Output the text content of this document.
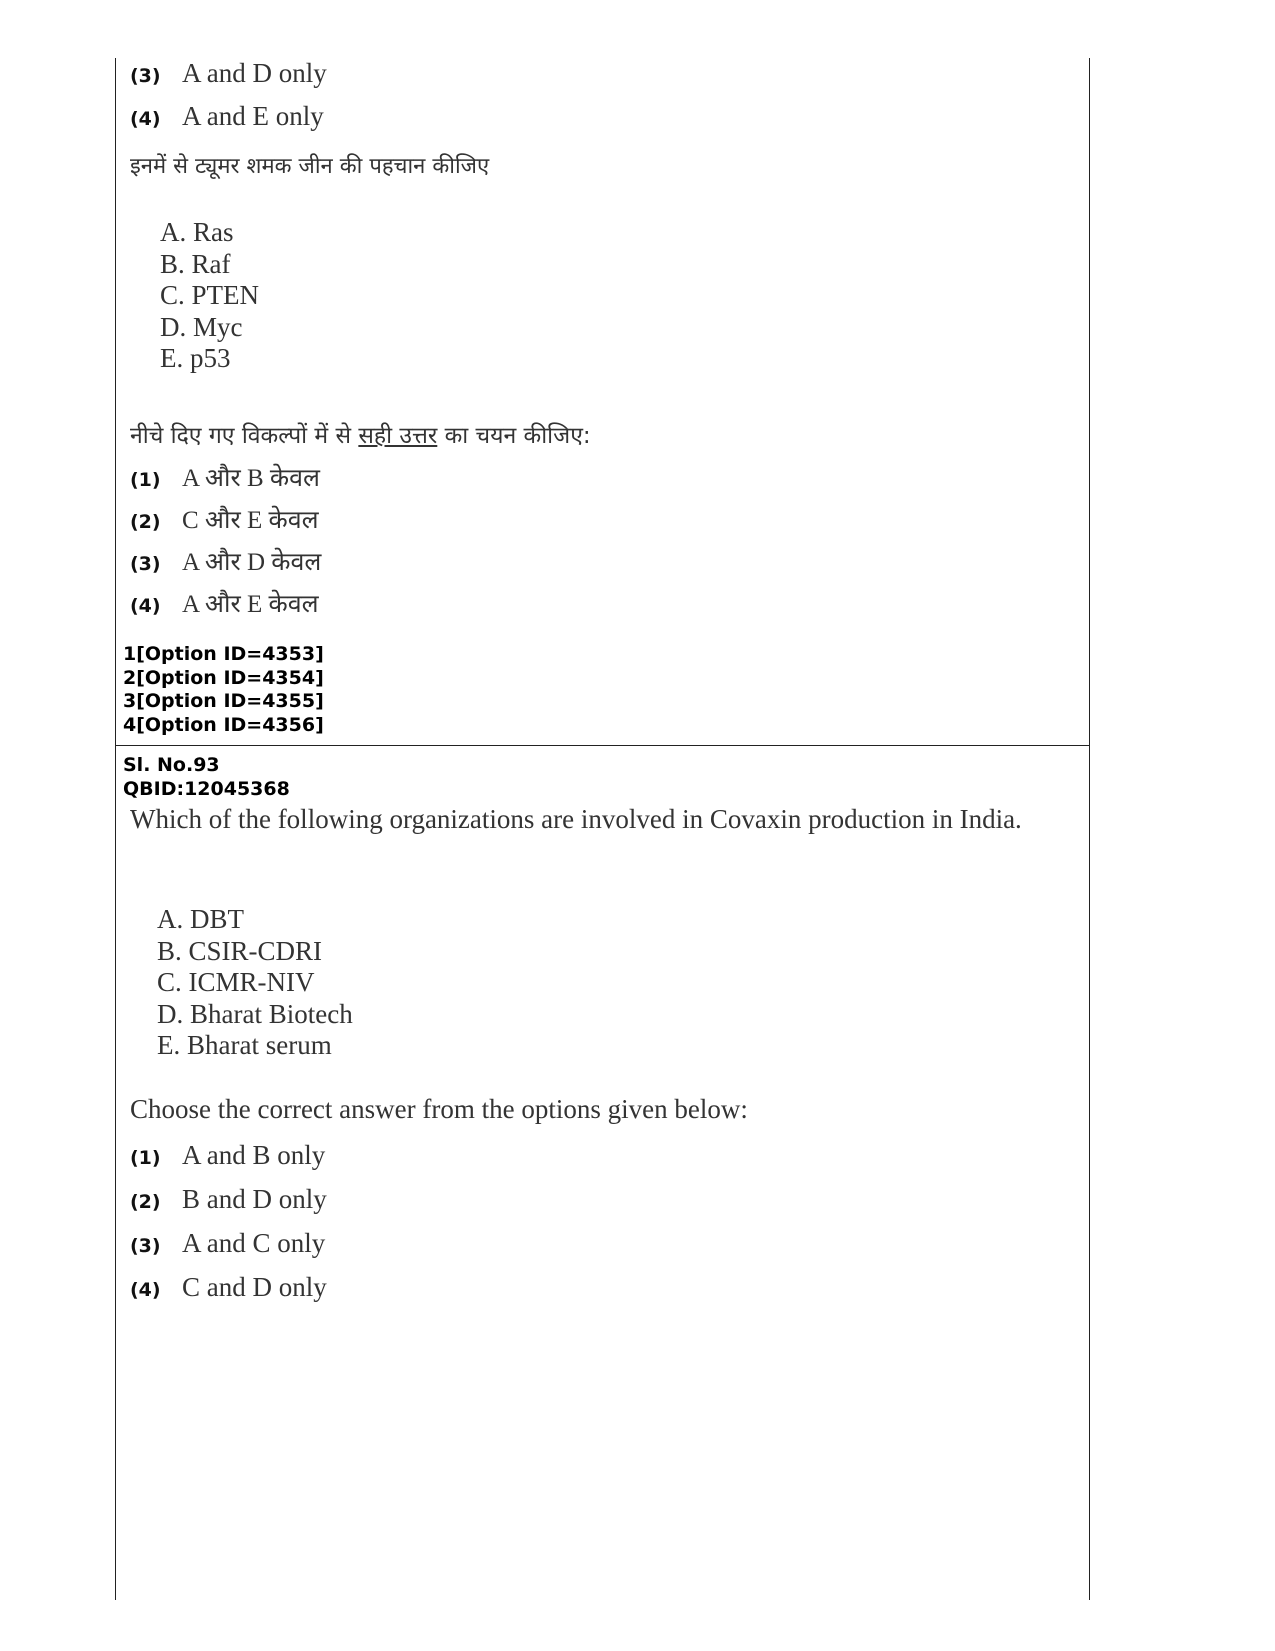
(3) A and D only
(4) A and E only
इनमें से ट्यूमर शमक जीन की पहचान कीजिए
A. Ras
B. Raf
C. PTEN
D. Myc
E. p53
नीचे दिए गए विकल्पों में से सही उत्तर का चयन कीजिए:
(1) A और B केवल
(2) C और E केवल
(3) A और D केवल
(4) A और E केवल
1[Option ID=4353]
2[Option ID=4354]
3[Option ID=4355]
4[Option ID=4356]
Sl. No.93
QBID:12045368
Which of the following organizations are involved in Covaxin production in India.
A. DBT
B. CSIR-CDRI
C. ICMR-NIV
D. Bharat Biotech
E. Bharat serum
Choose the correct answer from the options given below:
(1) A and B only
(2) B and D only
(3) A and C only
(4) C and D only
